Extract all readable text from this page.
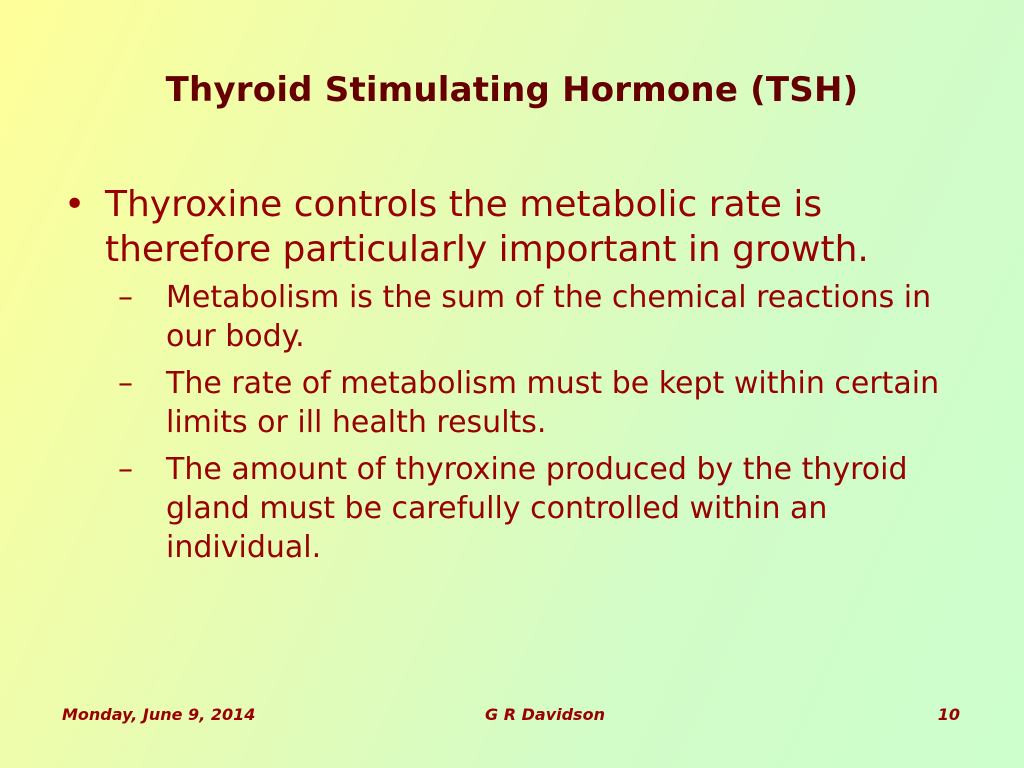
Thyroid Stimulating Hormone (TSH)
• Thyroxine controls the metabolic rate is therefore particularly important in growth.
– Metabolism is the sum of the chemical reactions in our body.
– The rate of metabolism must be kept within certain limits or ill health results.
– The amount of thyroxine produced by the thyroid gland must be carefully controlled within an individual.
Monday, June 9, 2014	G R Davidson	10
